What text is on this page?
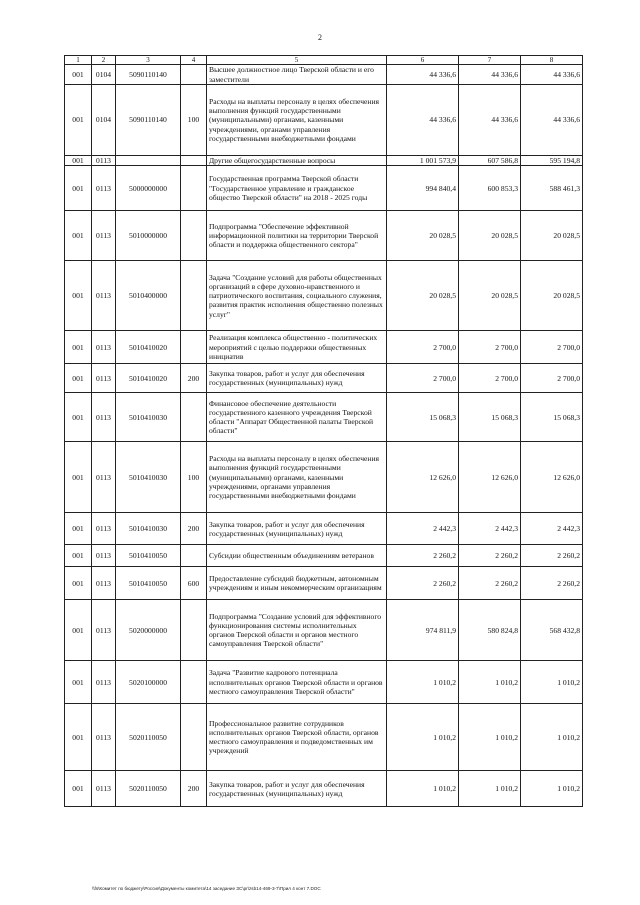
2
1	2	3	4	5	6	7	8
001	0104	5090110140		Высшее должностное лицо Тверской области и его заместители	44 336,6	44 336,6	44 336,6
001	0104	5090110140	100	Расходы на выплаты персоналу в целях обеспечения выполнения функций государственными (муниципальными) органами, казенными учреждениями, органами управления государственными внебюджетными фондами	44 336,6	44 336,6	44 336,6
001	0113			Другие общегосударственные вопросы	1 001 573,9	607 586,8	595 194,8
001	0113	5000000000		Государственная программа Тверской области "Государственное управление и гражданское общество Тверской области" на 2018 - 2025 годы	994 840,4	600 853,3	588 461,3
001	0113	5010000000		Подпрограмма "Обеспечение эффективной информационной политики на территории Тверской области и поддержка общественного сектора"	20 028,5	20 028,5	20 028,5
001	0113	5010400000		Задача "Создание условий для работы общественных организаций в сфере духовно-нравственного и патриотического воспитания, социального служения, развития практик исполнения общественно полезных услуг"	20 028,5	20 028,5	20 028,5
001	0113	5010410020		Реализация комплекса общественно - политических мероприятий с целью поддержки общественных инициатив	2 700,0	2 700,0	2 700,0
001	0113	5010410020	200	Закупка товаров, работ и услуг для обеспечения государственных (муниципальных) нужд	2 700,0	2 700,0	2 700,0
001	0113	5010410030		Финансовое обеспечение деятельности государственного казенного учреждения Тверской области "Аппарат Общественной палаты Тверской области"	15 068,3	15 068,3	15 068,3
001	0113	5010410030	100	Расходы на выплаты персоналу в целях обеспечения выполнения функций государственными (муниципальными) органами, казенными учреждениями, органами управления государственными внебюджетными фондами	12 626,0	12 626,0	12 626,0
001	0113	5010410030	200	Закупка товаров, работ и услуг для обеспечения государственных (муниципальных) нужд	2 442,3	2 442,3	2 442,3
001	0113	5010410050		Субсидии общественным объединениям ветеранов	2 260,2	2 260,2	2 260,2
001	0113	5010410050	600	Предоставление субсидий бюджетным, автономным учреждениям и иным некоммерческим организациям	2 260,2	2 260,2	2 260,2
001	0113	5020000000		Подпрограмма "Создание условий для эффективного функционирования системы исполнительных органов Тверской области и органов местного самоуправления Тверской области"	974 811,9	580 824,8	568 432,8
001	0113	5020100000		Задача "Развитие кадрового потенциала исполнительных органов Тверской области и органов местного самоуправления Тверской области"	1 010,2	1 010,2	1 010,2
001	0113	5020110050		Профессиональное развитие сотрудников исполнительных органов Тверской области, органов местного самоуправления и подведомственных им учреждений	1 010,2	1 010,2	1 010,2
001	0113	5020110050	200	Закупка товаров, работ и услуг для обеспечения государственных (муниципальных) нужд	1 010,2	1 010,2	1 010,2
\\fs\Комитет по бюджету\Россия\Документы комитета\14 заседание ЗС\pr\zsb14-469-3-7\Прил 4 конт 7.DOC
